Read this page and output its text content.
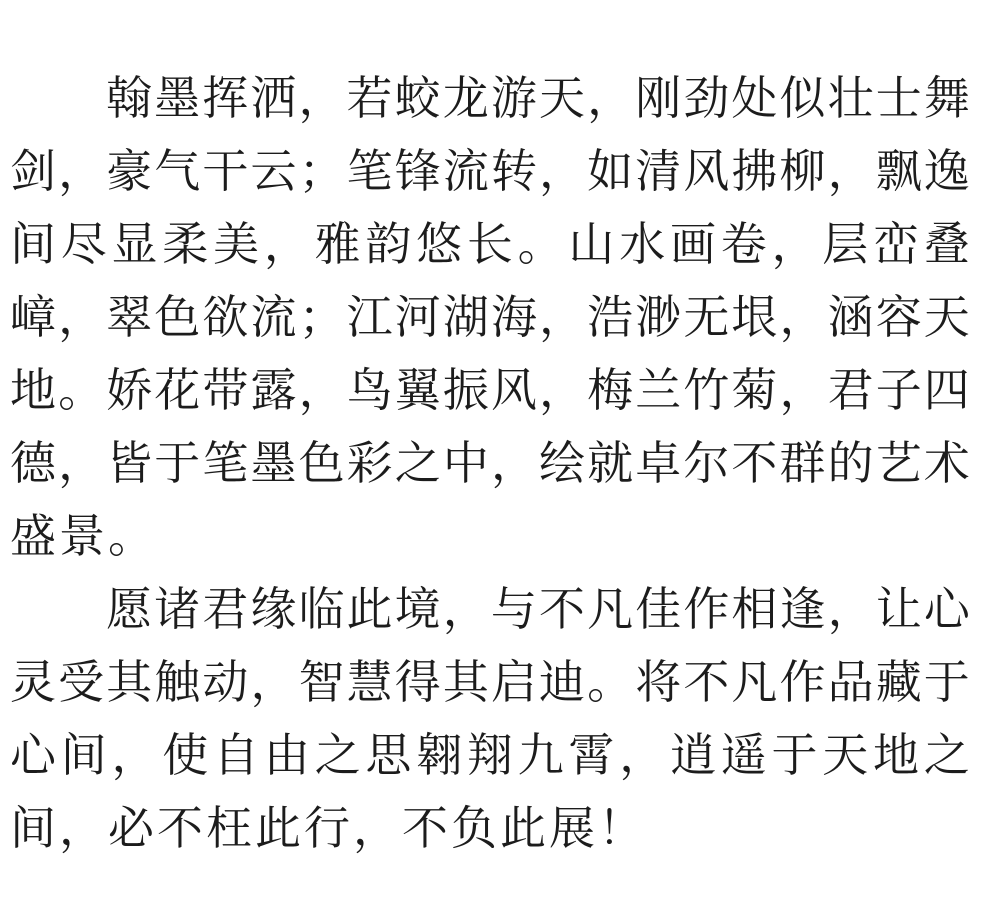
翰 墨 挥 洒 ， 若 蛟 龙 游 天 ， 刚 劲 处 似 壮 士 舞
剑 ， 豪 气 干 云 ； 笔 锋 流 转 ， 如 清 风 拂 柳 ， 飘 逸
间 尽 显 柔 美 ， 雅 韵 悠 长 。 山 水 画 卷 ， 层 峦 叠
嶂 ， 翠 色 欲 流 ； 江 河 湖 海 ， 浩 渺 无 垠 ， 涵 容 天
地 。 娇 花 带 露 ， 鸟 翼 振 风 ， 梅 兰 竹 菊 ， 君 子 四
德 ， 皆 于 笔 墨 色 彩 之 中 ， 绘 就 卓 尔 不 群 的 艺 术
盛景。
愿 诸 君 缘 临 此 境 ， 与 不 凡 佳 作 相 逢 ， 让 心
灵 受 其 触 动 ， 智 慧 得 其 启 迪 。 将 不 凡 作 品 藏 于
心 间 ， 使 自 由 之 思 翱 翔 九 霄 ， 逍 遥 于 天 地 之
间，必不枉此行，不负此展！
